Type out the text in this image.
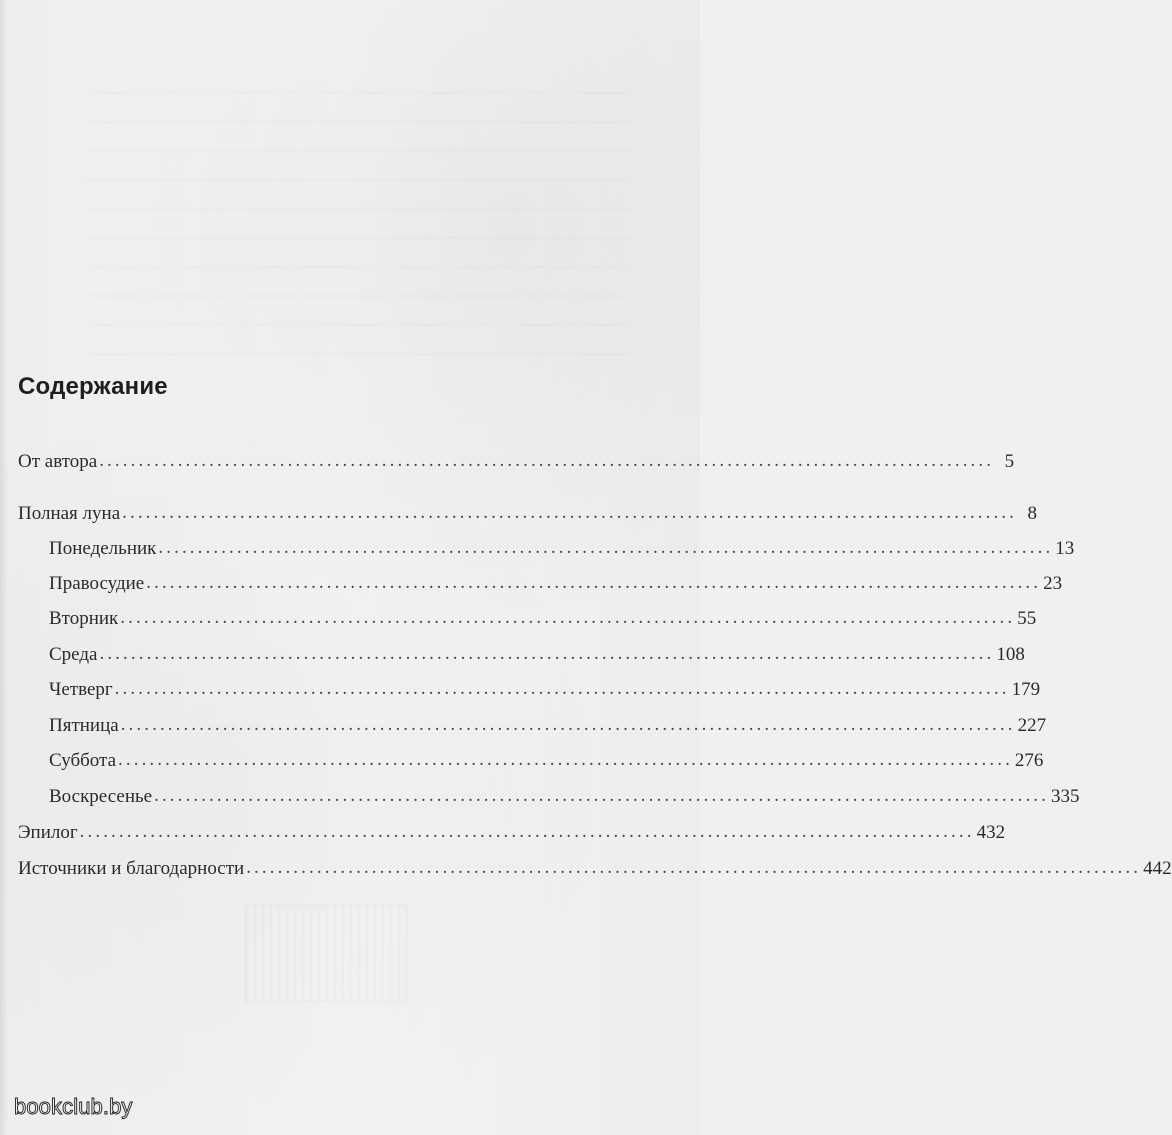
Содержание
От автора .................................................................................................................. 5
Полная луна .................................................................................................................. 8
Понедельник .................................................................................................................. 13
Правосудие .................................................................................................................. 23
Вторник .................................................................................................................. 55
Среда .................................................................................................................. 108
Четверг .................................................................................................................. 179
Пятница .................................................................................................................. 227
Суббота .................................................................................................................. 276
Воскресенье .................................................................................................................. 335
Эпилог .................................................................................................................. 432
Источники и благодарности .................................................................................................................. 442
bookclub.by
